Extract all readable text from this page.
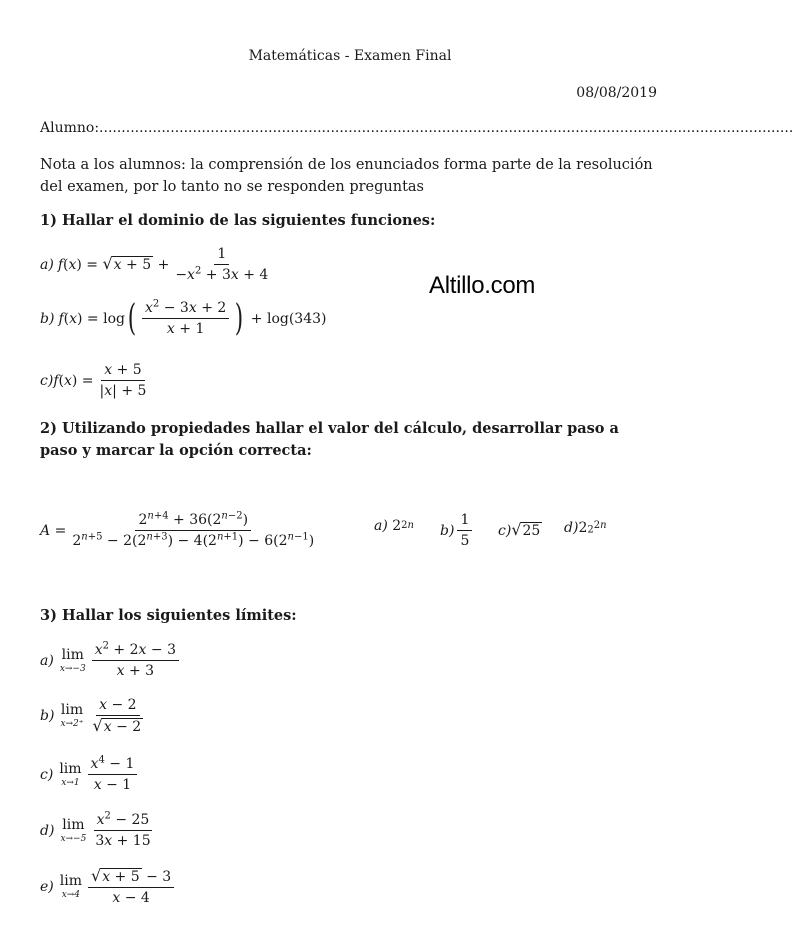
Matemáticas - Examen Final
08/08/2019
Alumno:............................................................................................................................................................
Nota a los alumnos: la comprensión de los enunciados forma parte de la resolución del examen, por lo tanto no se responden preguntas
1) Hallar el dominio de las siguientes funciones:
Altillo.com
a) f ( x ) = √ $x + 5 + \frac{1}{-x^2 + 3x + 4}$
b) f ( x ) = log ( $\frac{x^2 - 3x + 2}{x + 1}$ ) + log(343)
c) f ( x ) = $\frac{x + 5}{|x| + 5}$
2) Utilizando propiedades hallar el valor del cálculo, desarrollar paso a paso y marcar la opción correcta:
$A = \frac{2^{n+4} + 36(2^{n-2})}{2^{n+5} - 2(2^{n+3}) - 4(2^{n+1}) - 6(2^{n-1})}$	a) 2 2n $b) \frac{1}{5} c$) √ 25 d) 2 $2^{2n}$
3) Hallar los siguientes límites:
a) lim
$x\to-3 \frac{x^2 + 2x - 3}{x + 3}$
b) lim
$x\to 2^+ \frac{x - 2}{√ x - 2}$
c) lim
$x\to 1 \frac{x^4 - 1}{x - 1}$
d) lim
$x\to-5 \frac{x^2 - 25}{3x + 15}$
e) lim
$x\to 4 \frac{√ x + 5 - 3}{x - 4}$
